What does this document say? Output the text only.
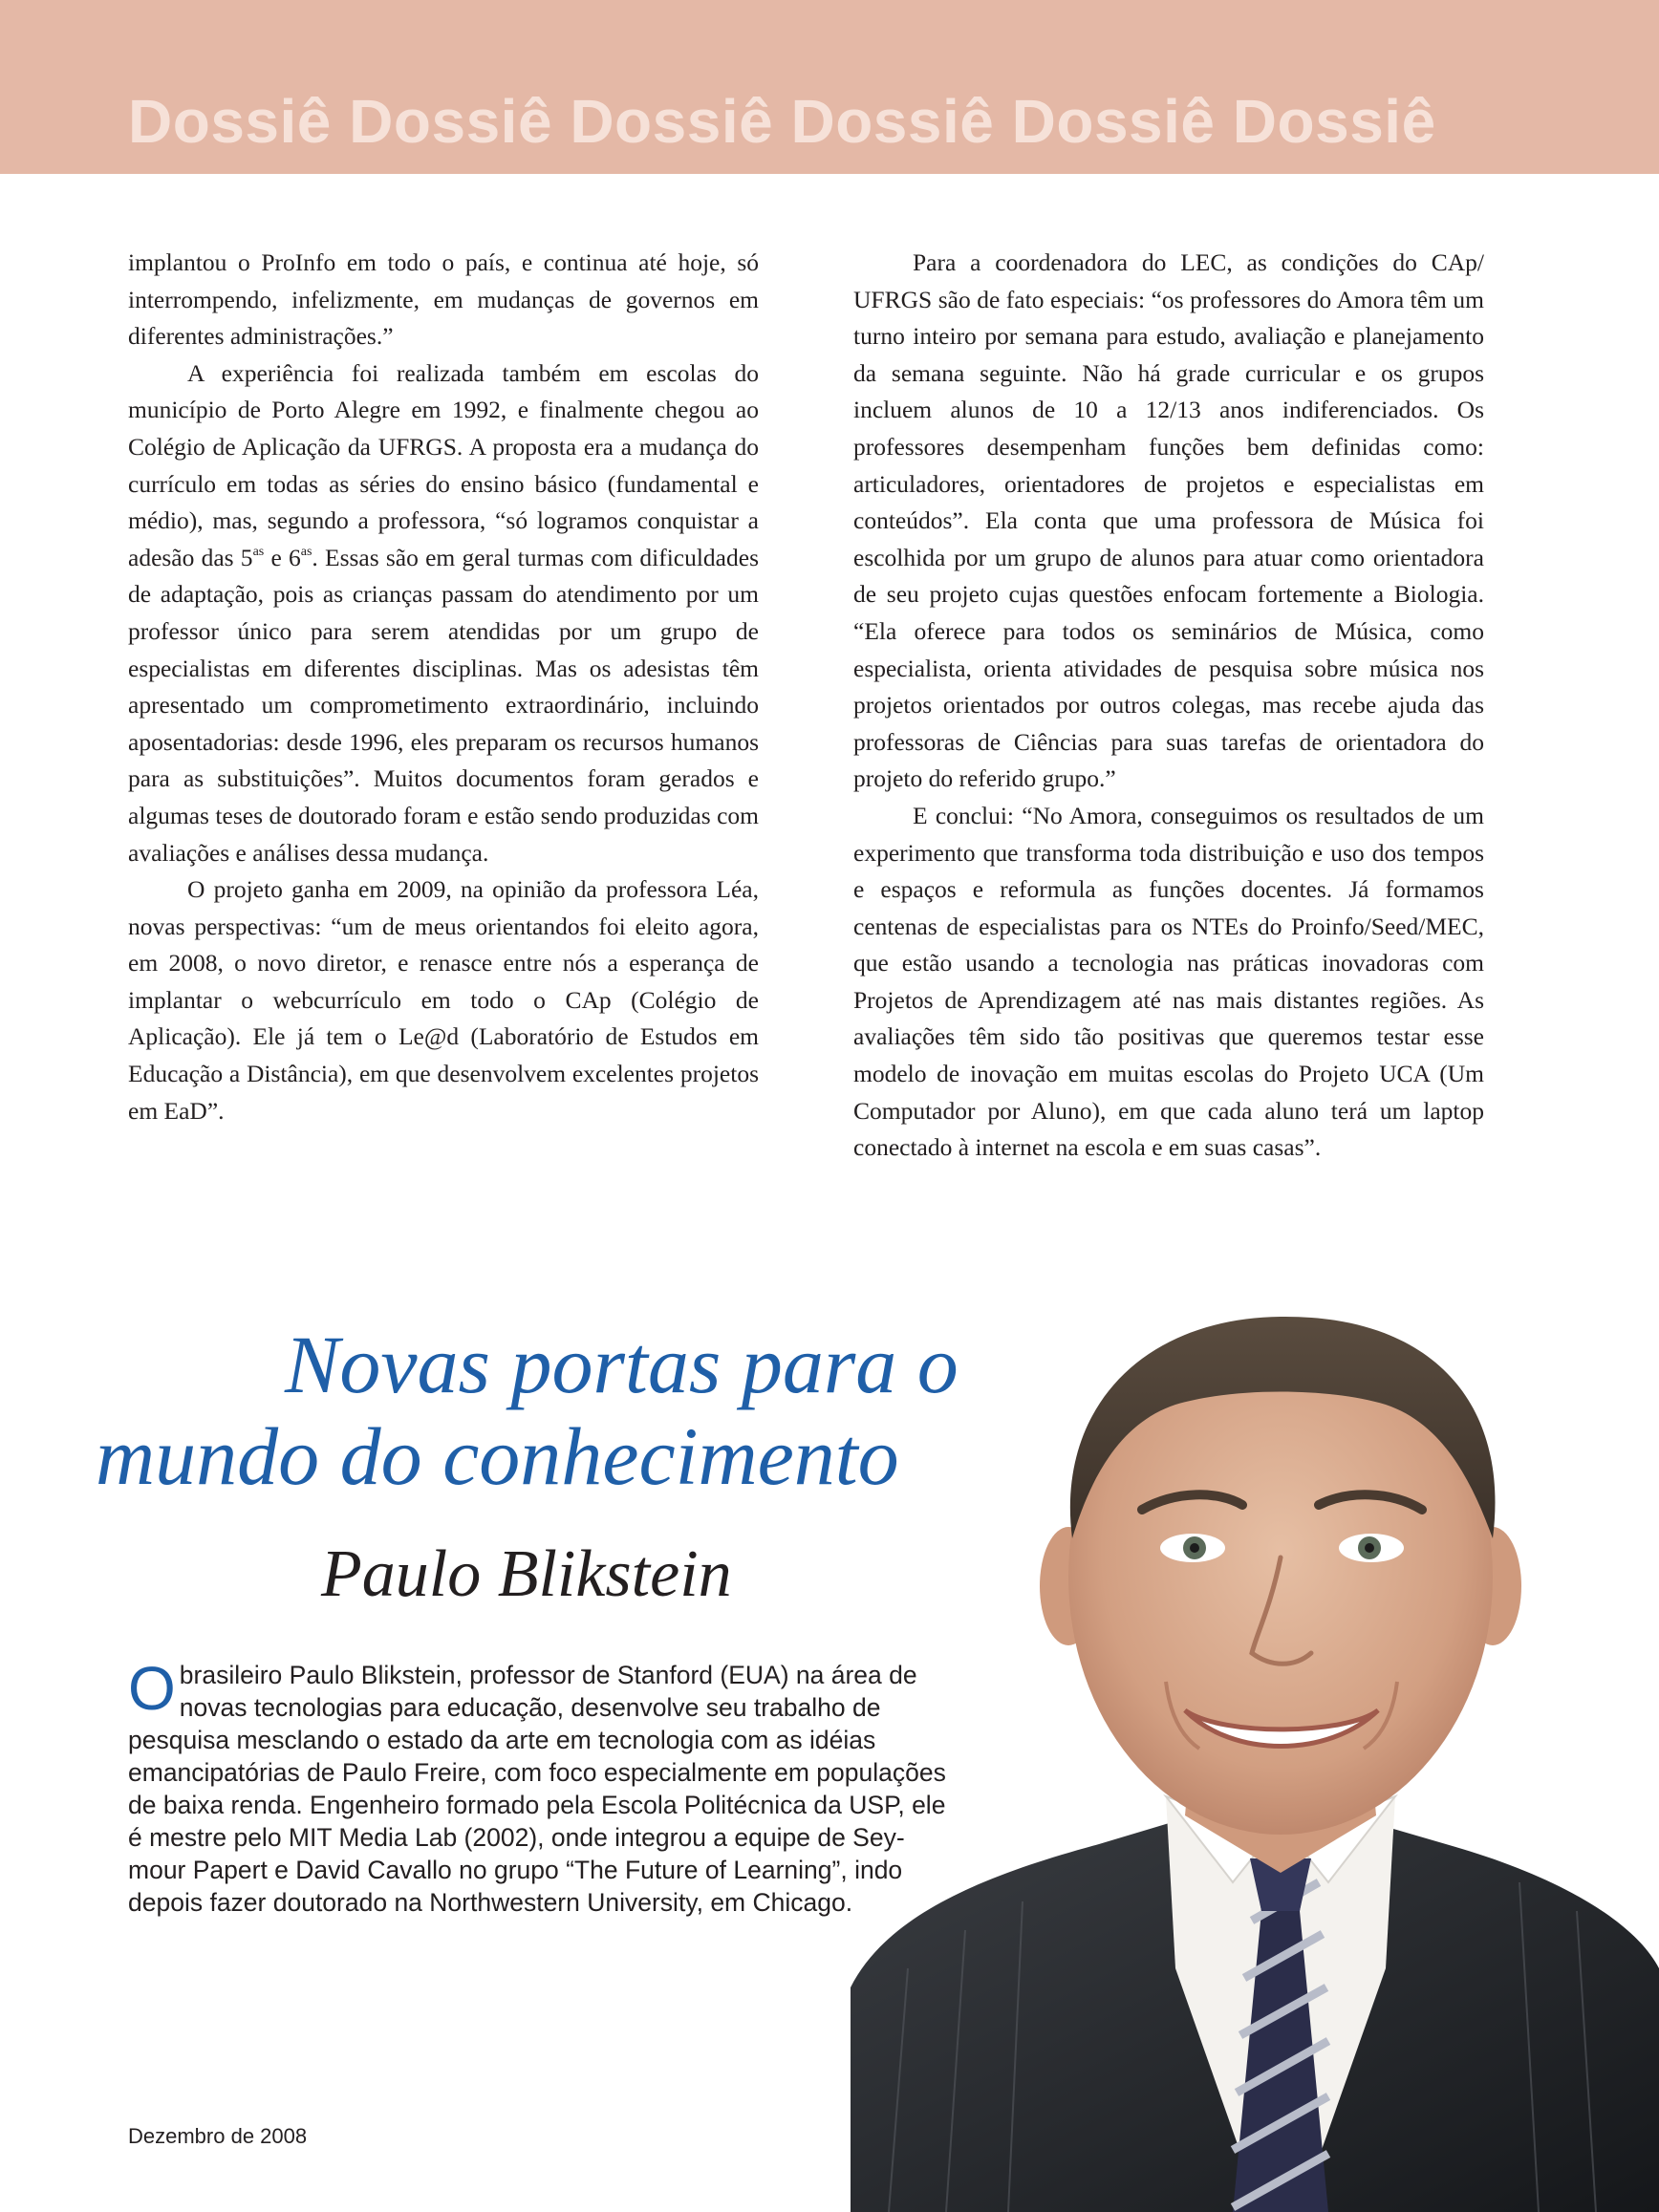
Dossiê Dossiê Dossiê Dossiê Dossiê Dossiê

implantou o ProInfo em todo o país, e continua até hoje, só interrompendo, infelizmente, em mudanças de governos em diferentes administrações.”

A experiência foi realizada também em escolas do município de Porto Alegre em 1992, e finalmente chegou ao Colégio de Aplicação da UFRGS. A proposta era a mudança do currículo em todas as séries do ensino básico (fundamental e médio), mas, segundo a professora, “só logramos conquistar a adesão das $5^{as}$ e $6^{as}$. Essas são em geral turmas com dificuldades de adaptação, pois as crianças passam do atendimento por um professor único para serem atendidas por um grupo de especialistas em diferentes disciplinas. Mas os adesistas têm apresentado um comprometimento extraordinário, incluindo aposentadorias: desde 1996, eles preparam os recursos humanos para as substituições”. Muitos documentos foram gerados e algumas teses de doutorado foram e estão sendo produzidas com avaliações e análises dessa mudança.

O projeto ganha em 2009, na opinião da professora Léa, novas perspectivas: “um de meus orientandos foi eleito agora, em 2008, o novo diretor, e renasce entre nós a esperança de implantar o webcurrículo em todo o CAp (Colégio de Aplicação). Ele já tem o Le@d (Laboratório de Estudos em Educação a Distância), em que desenvolvem excelentes projetos em EaD”.

Para a coordenadora do LEC, as condições do CAp/ UFRGS são de fato especiais: “os professores do Amora têm um turno inteiro por semana para estudo, avaliação e planejamento da semana seguinte. Não há grade curricular e os grupos incluem alunos de 10 a 12/13 anos indiferenciados. Os professores desempenham funções bem definidas como: articuladores, orientadores de projetos e especialistas em conteúdos”. Ela conta que uma professora de Música foi escolhida por um grupo de alunos para atuar como orientadora de seu projeto cujas questões enfocam fortemente a Biologia. “Ela oferece para todos os seminários de Música, como especialista, orienta atividades de pesquisa sobre música nos projetos orientados por outros colegas, mas recebe ajuda das professoras de Ciências para suas tarefas de orientadora do projeto do referido grupo.”

E conclui: “No Amora, conseguimos os resultados de um experimento que transforma toda distribuição e uso dos tempos e espaços e reformula as funções docentes. Já formamos centenas de especialistas para os NTEs do Proinfo/Seed/MEC, que estão usando a tecnologia nas práticas inovadoras com Projetos de Aprendizagem até nas mais distantes regiões. As avaliações têm sido tão positivas que queremos testar esse modelo de inovação em muitas escolas do Projeto UCA (Um Computador por Aluno), em que cada aluno terá um laptop conectado à internet na escola e em suas casas”.

Novas portas para o
mundo do conhecimento
Paulo Blikstein

O brasileiro Paulo Blikstein, professor de Stanford (EUA) na área de novas tecnologias para educação, desenvolve seu trabalho de pesquisa mesclando o estado da arte em tecnologia com as idéias emancipatórias de Paulo Freire, com foco especialmente em populações de baixa renda. Engenheiro formado pela Escola Politécnica da USP, ele é mestre pelo MIT Media Lab (2002), onde integrou a equipe de Seymour Papert e David Cavallo no grupo “The Future of Learning”, indo depois fazer doutorado na Northwestern University, em Chicago.

Dezembro de 2008
